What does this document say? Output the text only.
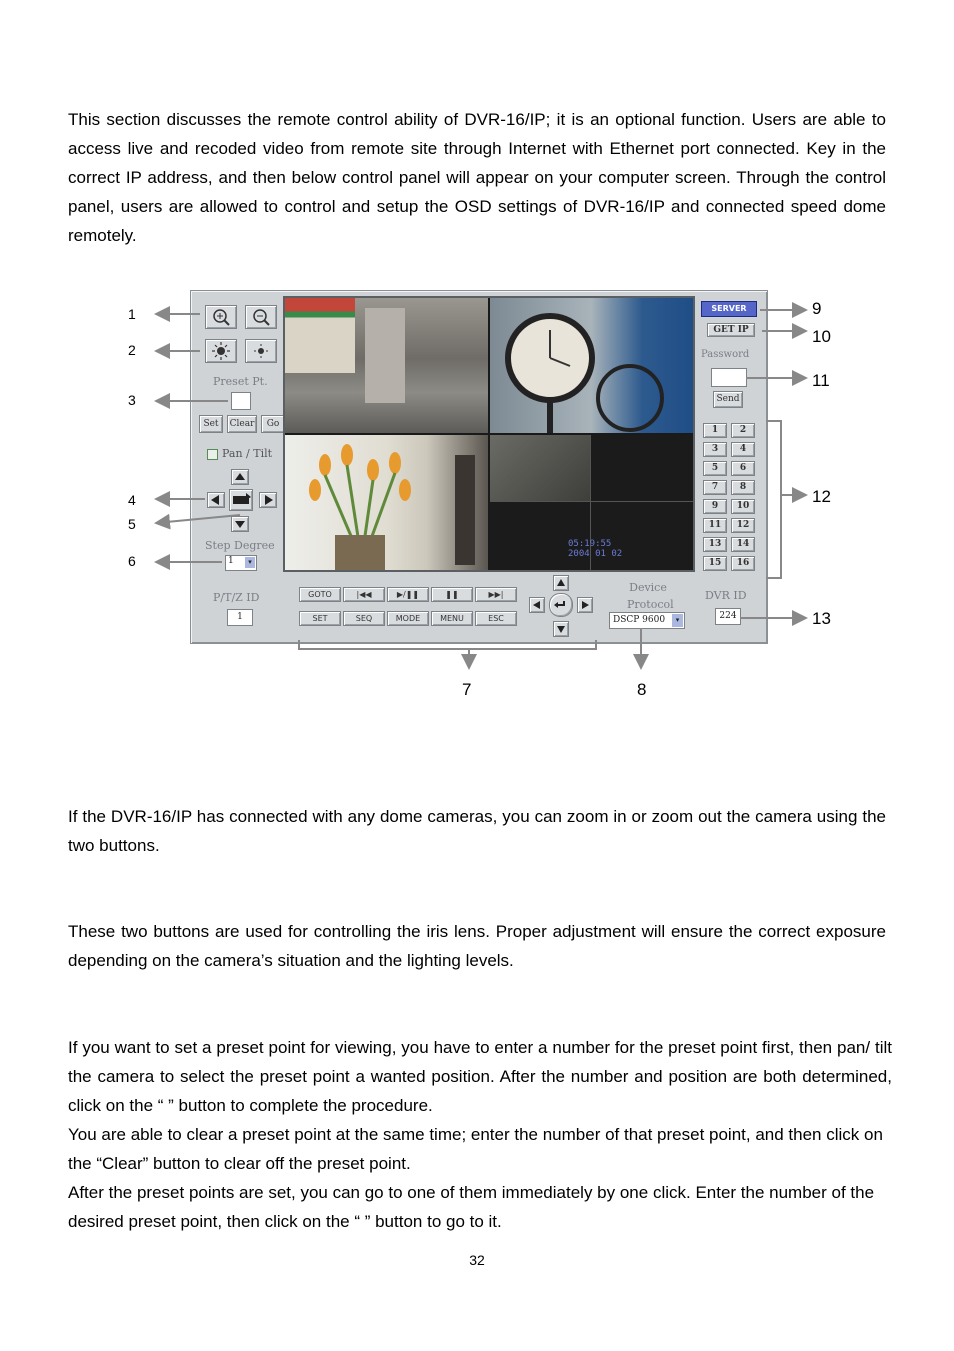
This section discusses the remote control ability of DVR-16/IP; it is an optional function. Users are able to access live and recoded video from remote site through Internet with Ethernet port connected. Key in the correct IP address, and then below control panel will appear on your computer screen. Through the control panel, users are allowed to control and setup the OSD settings of DVR-16/IP and connected speed dome remotely.

Preset Pt.
Set	Clear	Go
Pan / Tilt
Step Degree
1	▾
P/T/Z ID
1
05:19:55
2004 01 02
SERVER
GET IP
Password
Send
1	2
3	4
5	6
7	8
9	10
11	12
13	14
15	16
DVR ID
224
GOTO	|◀◀	▶/❚❚	❚❚	▶▶|
SET	SEQ	MODE	MENU	ESC
Device
Protocol
DSCP 9600	▾
1
2
3
4
5
6
9
10
11
12
13
7	8

If the DVR-16/IP has connected with any dome cameras, you can zoom in or zoom out the camera using the two buttons.

These two buttons are used for controlling the iris lens. Proper adjustment will ensure the correct exposure depending on the camera’s situation and the lighting levels.

If you want to set a preset point for viewing, you have to enter a number for the preset point first, then pan/ tilt the camera to select the preset point a wanted position. After the number and position are both determined, click on the “ ” button to complete the procedure.

You are able to clear a preset point at the same time; enter the number of that preset point, and then click on the “Clear” button to clear off the preset point.

After the preset points are set, you can go to one of them immediately by one click. Enter the number of the desired preset point, then click on the “ ” button to go to it.

32
